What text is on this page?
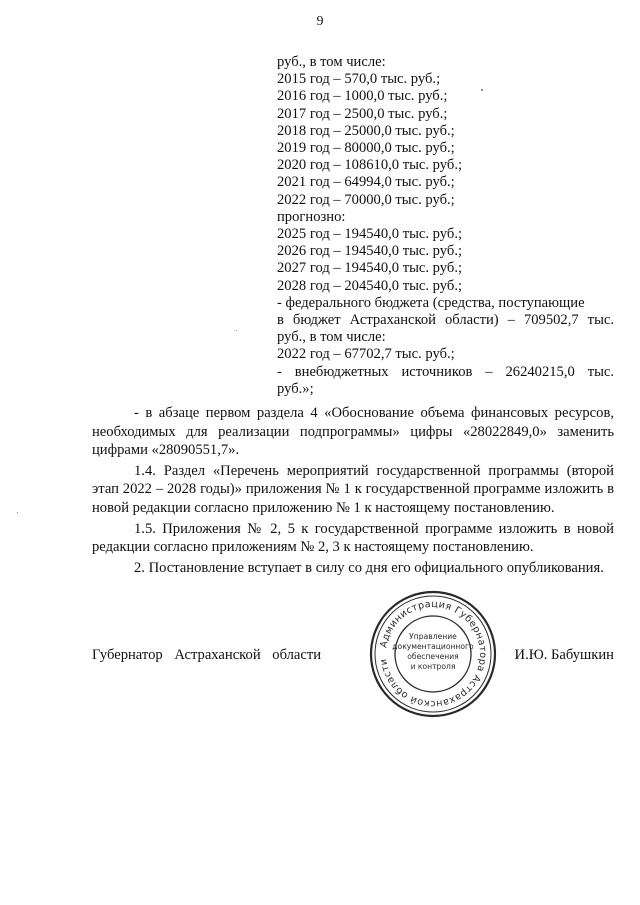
9
руб., в том числе:
2015 год – 570,0 тыс. руб.;
2016 год – 1000,0 тыс. руб.;
2017 год – 2500,0 тыс. руб.;
2018 год – 25000,0 тыс. руб.;
2019 год – 80000,0 тыс. руб.;
2020 год – 108610,0 тыс. руб.;
2021 год – 64994,0 тыс. руб.;
2022 год – 70000,0 тыс. руб.;
прогнозно:
2025 год – 194540,0 тыс. руб.;
2026 год – 194540,0 тыс. руб.;
2027 год – 194540,0 тыс. руб.;
2028 год – 204540,0 тыс. руб.;
- федерального бюджета (средства, поступающие
в бюджет Астраханской области) – 709502,7 тыс.
руб., в том числе:
2022 год – 67702,7 тыс. руб.;
- внебюджетных источников – 26240215,0 тыс.
руб.»;

- в абзаце первом раздела 4 «Обоснование объема финансовых ресурсов, необходимых для реализации подпрограммы» цифры «28022849,0» заменить цифрами «28090551,7».

1.4. Раздел «Перечень мероприятий государственной программы (второй этап 2022 – 2028 годы)» приложения № 1 к государственной программе изложить в новой редакции согласно приложению № 1 к настоящему постановлению.

1.5. Приложения № 2, 5 к государственной программе изложить в новой редакции согласно приложениям № 2, 3 к настоящему постановлению.

2. Постановление вступает в силу со дня его официального опубликования.

Губернатор Астраханской области	И.Ю. Бабушкин
Администрация Губернатора Астраханской области
Управление
документационного
обеспечения
и контроля
